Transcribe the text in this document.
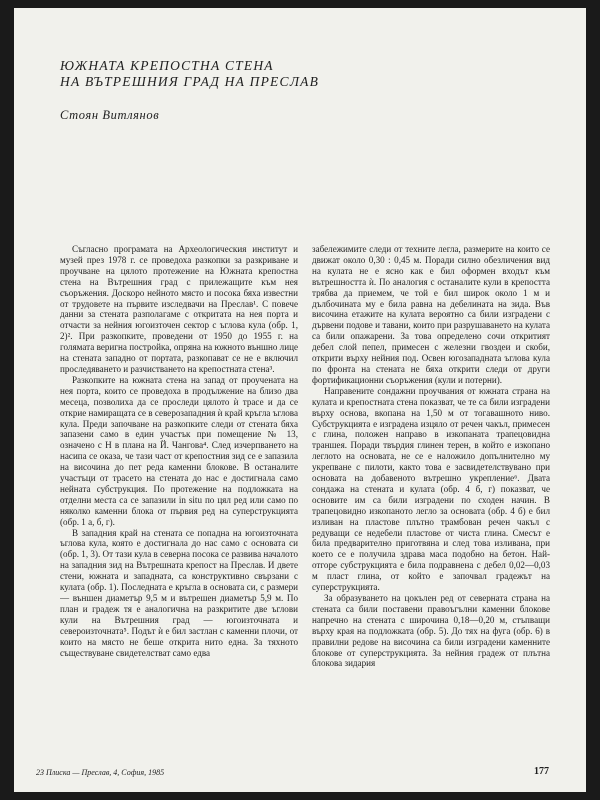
ЮЖНАТА КРЕПОСТНА СТЕНА
НА ВЪТРЕШНИЯ ГРАД НА ПРЕСЛАВ
Стоян Витлянов

Съгласно програмата на Археологическия институт и музей през 1978 г. се проведоха разкопки за разкриване и проучване на цялото протежение на Южната крепостна стена на Вътрешния град с прилежащите към нея съоръжения. Доскоро нейното място и посока бяха известни от трудовете на първите изследвачи на Преслав¹. С повече данни за стената разполагаме с откритата на нея порта и отчасти за нейния югоизточен сектор с ъглова кула (обр. 1, 2)². При разкопките, проведени от 1950 до 1955 г. на голямата веригна постройка, опряна на южното външно лице на стената западно от портата, разкопават се не е включил проследяването и разчистването на крепостната стена³.

Разкопките на южната стена на запад от проучената на нея порта, които се проведоха в продължение на близо два месеца, позволиха да се проследи цялото ѝ трасе и да се открие намиращата се в северозападния ѝ край кръгла ъглова кула. Преди започване на разкопките следи от стената бяха запазени само в един участък при помещение № 13, означено с Н в плана на Й. Чангова⁴. След изчерпването на насипа се оказа, че тази част от крепостния зид се е запазила на височина до пет реда каменни блокове. В останалите участъци от трасето на стената до нас е достигнала само нейната субструкция. По протежение на подложката на отделни места са се запазили in situ по цял ред или само по няколко каменни блока от първия ред на суперструкцията (обр. 1 а, б, г).

В западния край на стената се попадна на югоизточната ъглова кула, която е достигнала до нас само с основата си (обр. 1, 3). От тази кула в северна посока се развива началото на западния зид на Вътрешната крепост на Преслав. И двете стени, южната и западната, са конструктивно свързани с кулата (обр. 1). Последната е кръгла в основата си, с размери — външен диаметър 9,5 м и вътрешен диаметър 5,9 м. По план и градеж тя е аналогична на разкритите две ъглови кули на Вътрешния град — югоизточната и североизточната⁵. Подът ѝ е бил застлан с каменни плочи, от които на място не беше открита нито една. За тяхното съществуване свидетелстват само едва

забележимите следи от техните легла, размерите на които се движат около 0,30 : 0,45 м. Поради силно обезличения вид на кулата не е ясно как е бил оформен входът към вътрешността ѝ. По аналогия с останалите кули в крепостта трябва да приемем, че той е бил широк около 1 м и дълбочината му е била равна на дебелината на зида. Във височина етажите на кулата вероятно са били изградени с дървени подове и тавани, които при разрушаването на кулата са били опажарени. За това определено сочи откритият дебел слой пепел, примесен с железни гвоздеи и скоби, открити върху нейния под. Освен югозападната ъглова кула по фронта на стената не бяха открити следи от други фортификационни съоръжения (кули и потерни).

Направените сондажни проучвания от южната страна на кулата и крепостната стена показват, че те са били изградени върху основа, вкопана на 1,50 м от тогавашното ниво. Субструкцията е изградена изцяло от речен чакъл, примесен с глина, положен направо в изкопаната трапецовидна траншея. Поради твърдия глинен терен, в който е изкопано леглото на основата, не се е наложило допълнително му укрепване с пилоти, както това е засвидетелствувано при основата на добавеното вътрешно укрепление⁶. Двата сондажа на стената и кулата (обр. 4 б, г) показват, че основите им са били изградени по сходен начин. В трапецовидно изкопаното легло за основата (обр. 4 б) е бил изливан на пластове плътно трамбован речен чакъл с редуващи се недебели пластове от чиста глина. Смесът е била предварително приготвяна и след това изливана, при което се е получила здрава маса подобно на бетон. Най-отгоре субструкцията е била подравнена с дебел 0,02—0,03 м пласт глина, от който е започвал градежът на суперструкцията.

За образуването на цокълен ред от северната страна на стената са били поставени правоъгълни каменни блокове напречно на стената с широчина 0,18—0,20 м, стъпващи върху края на подложката (обр. 5). До тях на фуга (обр. 6) в правилни редове на височина са били изградени каменните блокове от суперструкцията. За нейния градеж от плътна блокова зидария

23 Плиска — Преслав, 4, София, 1985	177
